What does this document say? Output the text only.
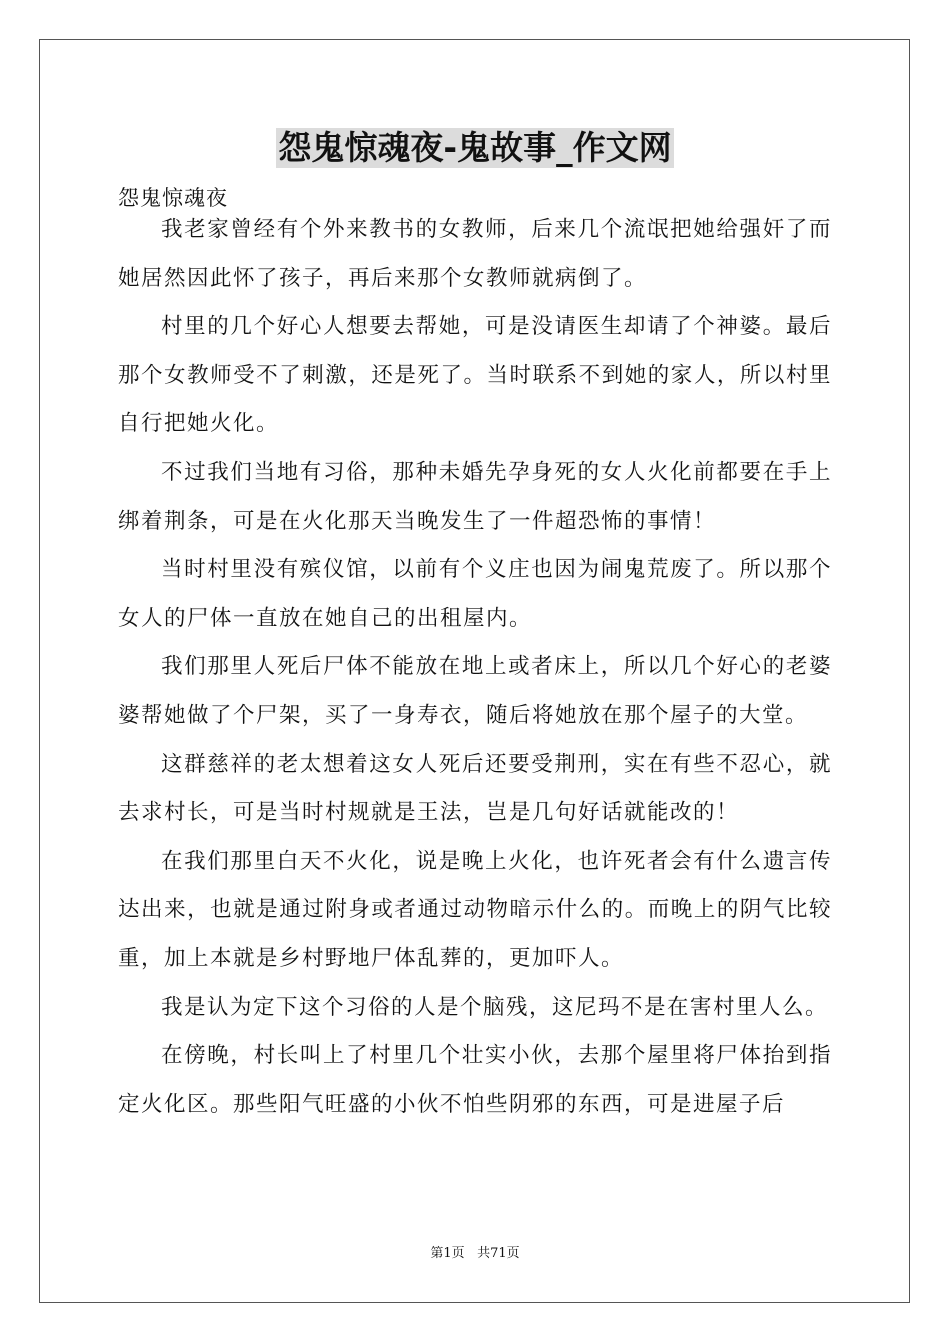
怨鬼惊魂夜-鬼故事_作文网
怨鬼惊魂夜

我老家曾经有个外来教书的女教师，后来几个流氓把她给强奸了而她居然因此怀了孩子，再后来那个女教师就病倒了。

村里的几个好心人想要去帮她，可是没请医生却请了个神婆。最后那个女教师受不了刺激，还是死了。当时联系不到她的家人，所以村里自行把她火化。

不过我们当地有习俗，那种未婚先孕身死的女人火化前都要在手上绑着荆条，可是在火化那天当晚发生了一件超恐怖的事情！

当时村里没有殡仪馆，以前有个义庄也因为闹鬼荒废了。所以那个女人的尸体一直放在她自己的出租屋内。

我们那里人死后尸体不能放在地上或者床上，所以几个好心的老婆婆帮她做了个尸架，买了一身寿衣，随后将她放在那个屋子的大堂。

这群慈祥的老太想着这女人死后还要受荆刑，实在有些不忍心，就去求村长，可是当时村规就是王法，岂是几句好话就能改的！

在我们那里白天不火化，说是晚上火化，也许死者会有什么遗言传达出来，也就是通过附身或者通过动物暗示什么的。而晚上的阴气比较重，加上本就是乡村野地尸体乱葬的，更加吓人。

我是认为定下这个习俗的人是个脑残，这尼玛不是在害村里人么。

在傍晚，村长叫上了村里几个壮实小伙，去那个屋里将尸体抬到指定火化区。那些阳气旺盛的小伙不怕些阴邪的东西，可是进屋子后

第1页 共71页
